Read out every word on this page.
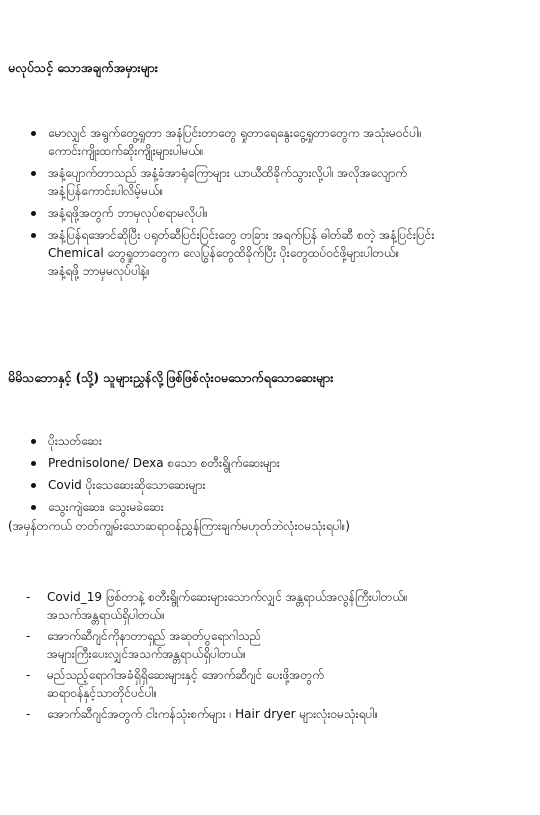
မလုပ်သင့် သောအချက်အမှားများ
မောလျှင် အရွက်တွေ့ရှုတာ အနံပြင်းတာတွေ ရှုတာရေနွေးငွေ့ရှုတာတွေက အသုံးမဝင်ပါ။
ကောင်းကျိုးထက်ဆိုးကျိုးများပါမယ်။
အနံ့ပျောက်တာသည် အနံ့ခံအာရုံကြောများ ယာယီထိခိုက်သွားလို့ပါ၊ အလိုအလျောက်
အနံ့ပြန်ကောင်းပါလိမ့်မယ်။
အနံ့ရဖို့အတွက် ဘာမှလုပ်စရာမလိုပါ။
အနံ့ပြန်ရအောင်ဆိုပြီး ပရုတ်ဆီပြင်းပြင်းတွေ တခြား အရက်ပြန် ဓါတ်ဆီ စတဲ့ အနံ့ပြင်းပြင်း
Chemical တွေရှုတာတွေက လေပြွန်တွေထိခိုက်ပြီး ပိုးတွေထပ်ဝင်ဖို့များပါတယ်။
အနံ့ရဖို့ ဘာမှမလုပ်ပါနဲ့။
မိမိသဘောနှင့် (သို့) သူများညွှန်လို့ဖြစ်ဖြစ်လုံးဝမသောက်ရသောဆေးများ
ပိုးသတ်ဆေး
Prednisolone/ Dexa စသော စတီးရွိုက်ဆေးများ
Covid ပိုးသေဆေးဆိုသောဆေးများ
သွေးကျဲဆေး၊ သွေးမခဲဆေး
(အမှန်တကယ် တတ်ကျွမ်းသောဆရာဝန်ညွှန်ကြားချက်မဟုတ်ဘဲလုံးဝမသုံးရပါ။)
- Covid_19 ဖြစ်တာနဲ့ စတီးရွိုက်ဆေးများသောက်လျှင် အန္တရာယ်အလွန်ကြီးပါတယ်။
အသက်အန္တရာယ်ရှိပါတယ်။
- အောက်ဆီဂျင်ကိုနာတာရှည် အဆုတ်ပွရောဂါသည်
အများကြီးပေးလျှင်အသက်အန္တရာယ်ရှိပါတယ်။
- မည်သည့်ရောဂါအခံရှိရှိဆေးများနှင့် အောက်ဆီဂျင် ပေးဖို့အတွက်
ဆရာဝန်နှင့်သာတိုင်ပင်ပါ။
- အောက်ဆီဂျင်အတွက် ငါးကန်သုံးစက်များ ၊ Hair dryer များလုံးဝမသုံးရပါ။
